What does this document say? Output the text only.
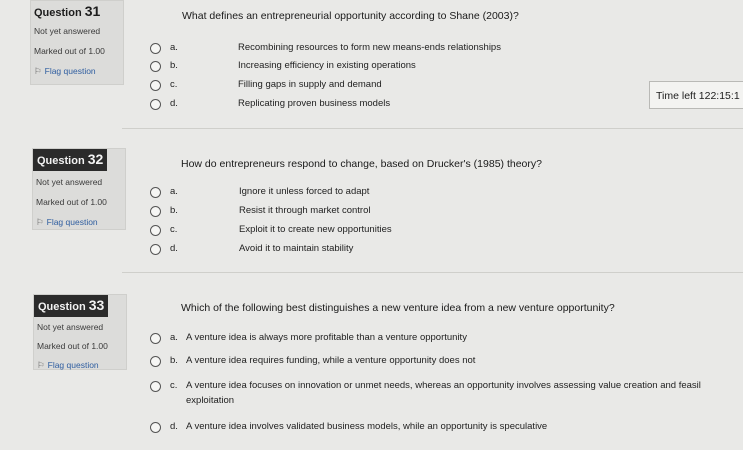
Question 31
Not yet answered
Marked out of 1.00
⚐ Flag question
What defines an entrepreneurial opportunity according to Shane (2003)?
a.	Recombining resources to form new means-ends relationships
b.	Increasing efficiency in existing operations
c.	Filling gaps in supply and demand
d.	Replicating proven business models
Time left 122:15:1
Question 32
Not yet answered
Marked out of 1.00
⚐ Flag question
How do entrepreneurs respond to change, based on Drucker's (1985) theory?
a.	Ignore it unless forced to adapt
b.	Resist it through market control
c.	Exploit it to create new opportunities
d.	Avoid it to maintain stability
Question 33
Not yet answered
Marked out of 1.00
⚐ Flag question
Which of the following best distinguishes a new venture idea from a new venture opportunity?
a. A venture idea is always more profitable than a venture opportunity
b. A venture idea requires funding, while a venture opportunity does not
c. A venture idea focuses on innovation or unmet needs, whereas an opportunity involves assessing value creation and feasil
exploitation
d. A venture idea involves validated business models, while an opportunity is speculative
